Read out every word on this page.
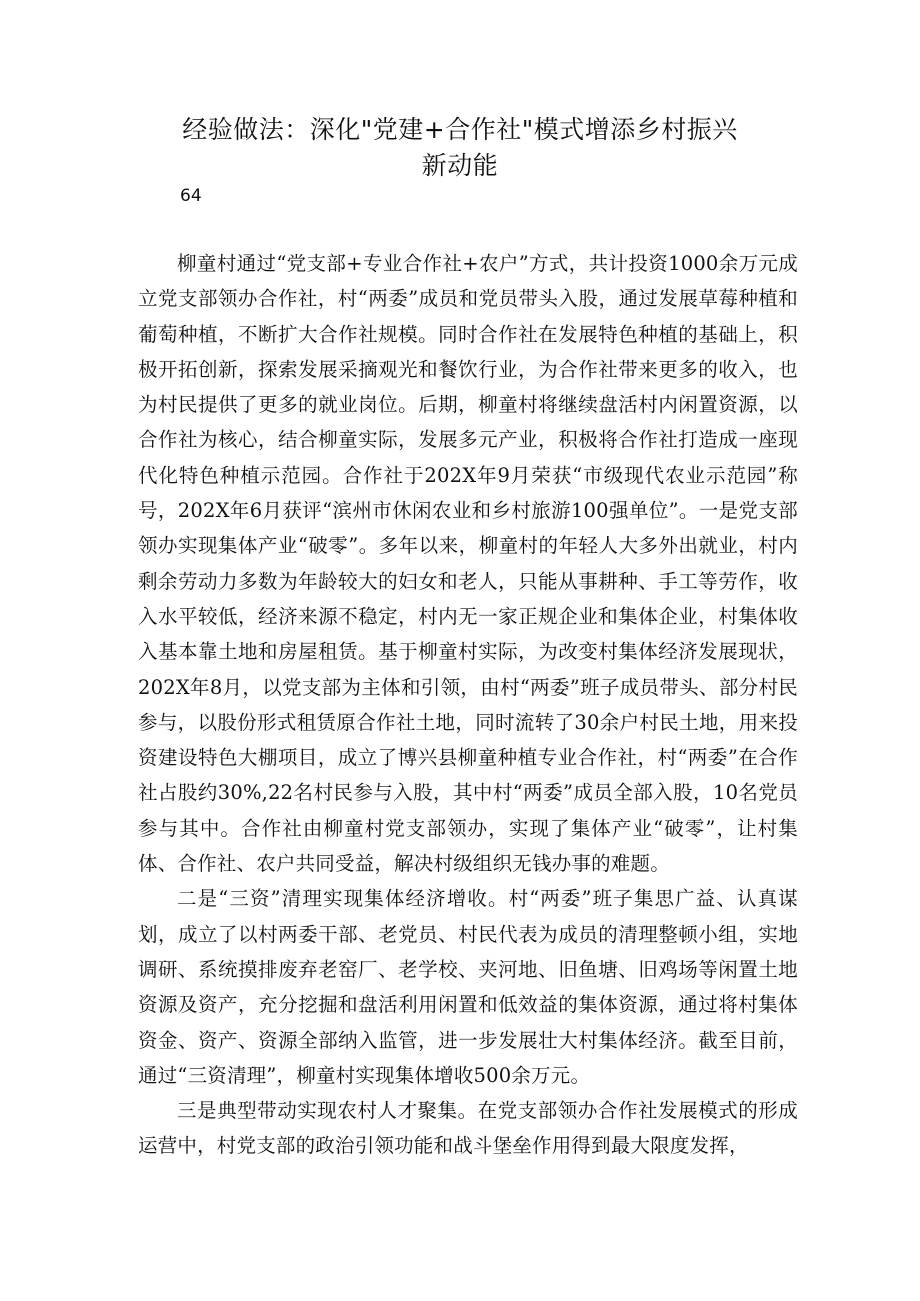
经验做法：深化"党建+合作社"模式增添乡村振兴
新动能
64

柳童村通过“党支部+专业合作社+农户”方式，共计投资1000余万元成立党支部领办合作社，村“两委”成员和党员带头入股，通过发展草莓种植和葡萄种植，不断扩大合作社规模。同时合作社在发展特色种植的基础上，积极开拓创新，探索发展采摘观光和餐饮行业，为合作社带来更多的收入，也为村民提供了更多的就业岗位。后期，柳童村将继续盘活村内闲置资源，以合作社为核心，结合柳童实际，发展多元产业，积极将合作社打造成一座现代化特色种植示范园。合作社于202X年9月荣获“市级现代农业示范园”称号，202X年6月获评“滨州市休闲农业和乡村旅游100强单位”。一是党支部领办实现集体产业“破零”。多年以来，柳童村的年轻人大多外出就业，村内剩余劳动力多数为年龄较大的妇女和老人，只能从事耕种、手工等劳作，收入水平较低，经济来源不稳定，村内无一家正规企业和集体企业，村集体收入基本靠土地和房屋租赁。基于柳童村实际，为改变村集体经济发展现状，202X年8月，以党支部为主体和引领，由村“两委”班子成员带头、部分村民参与，以股份形式租赁原合作社土地，同时流转了30余户村民土地，用来投资建设特色大棚项目，成立了博兴县柳童种植专业合作社，村“两委”在合作社占股约30%,22名村民参与入股，其中村“两委”成员全部入股，10名党员参与其中。合作社由柳童村党支部领办，实现了集体产业“破零”，让村集体、合作社、农户共同受益，解决村级组织无钱办事的难题。

二是“三资”清理实现集体经济增收。村“两委”班子集思广益、认真谋划，成立了以村两委干部、老党员、村民代表为成员的清理整顿小组，实地调研、系统摸排废弃老窑厂、老学校、夹河地、旧鱼塘、旧鸡场等闲置土地资源及资产，充分挖掘和盘活利用闲置和低效益的集体资源，通过将村集体资金、资产、资源全部纳入监管，进一步发展壮大村集体经济。截至目前，通过“三资清理”，柳童村实现集体增收500余万元。

三是典型带动实现农村人才聚集。在党支部领办合作社发展模式的形成运营中，村党支部的政治引领功能和战斗堡垒作用得到最大限度发挥，
